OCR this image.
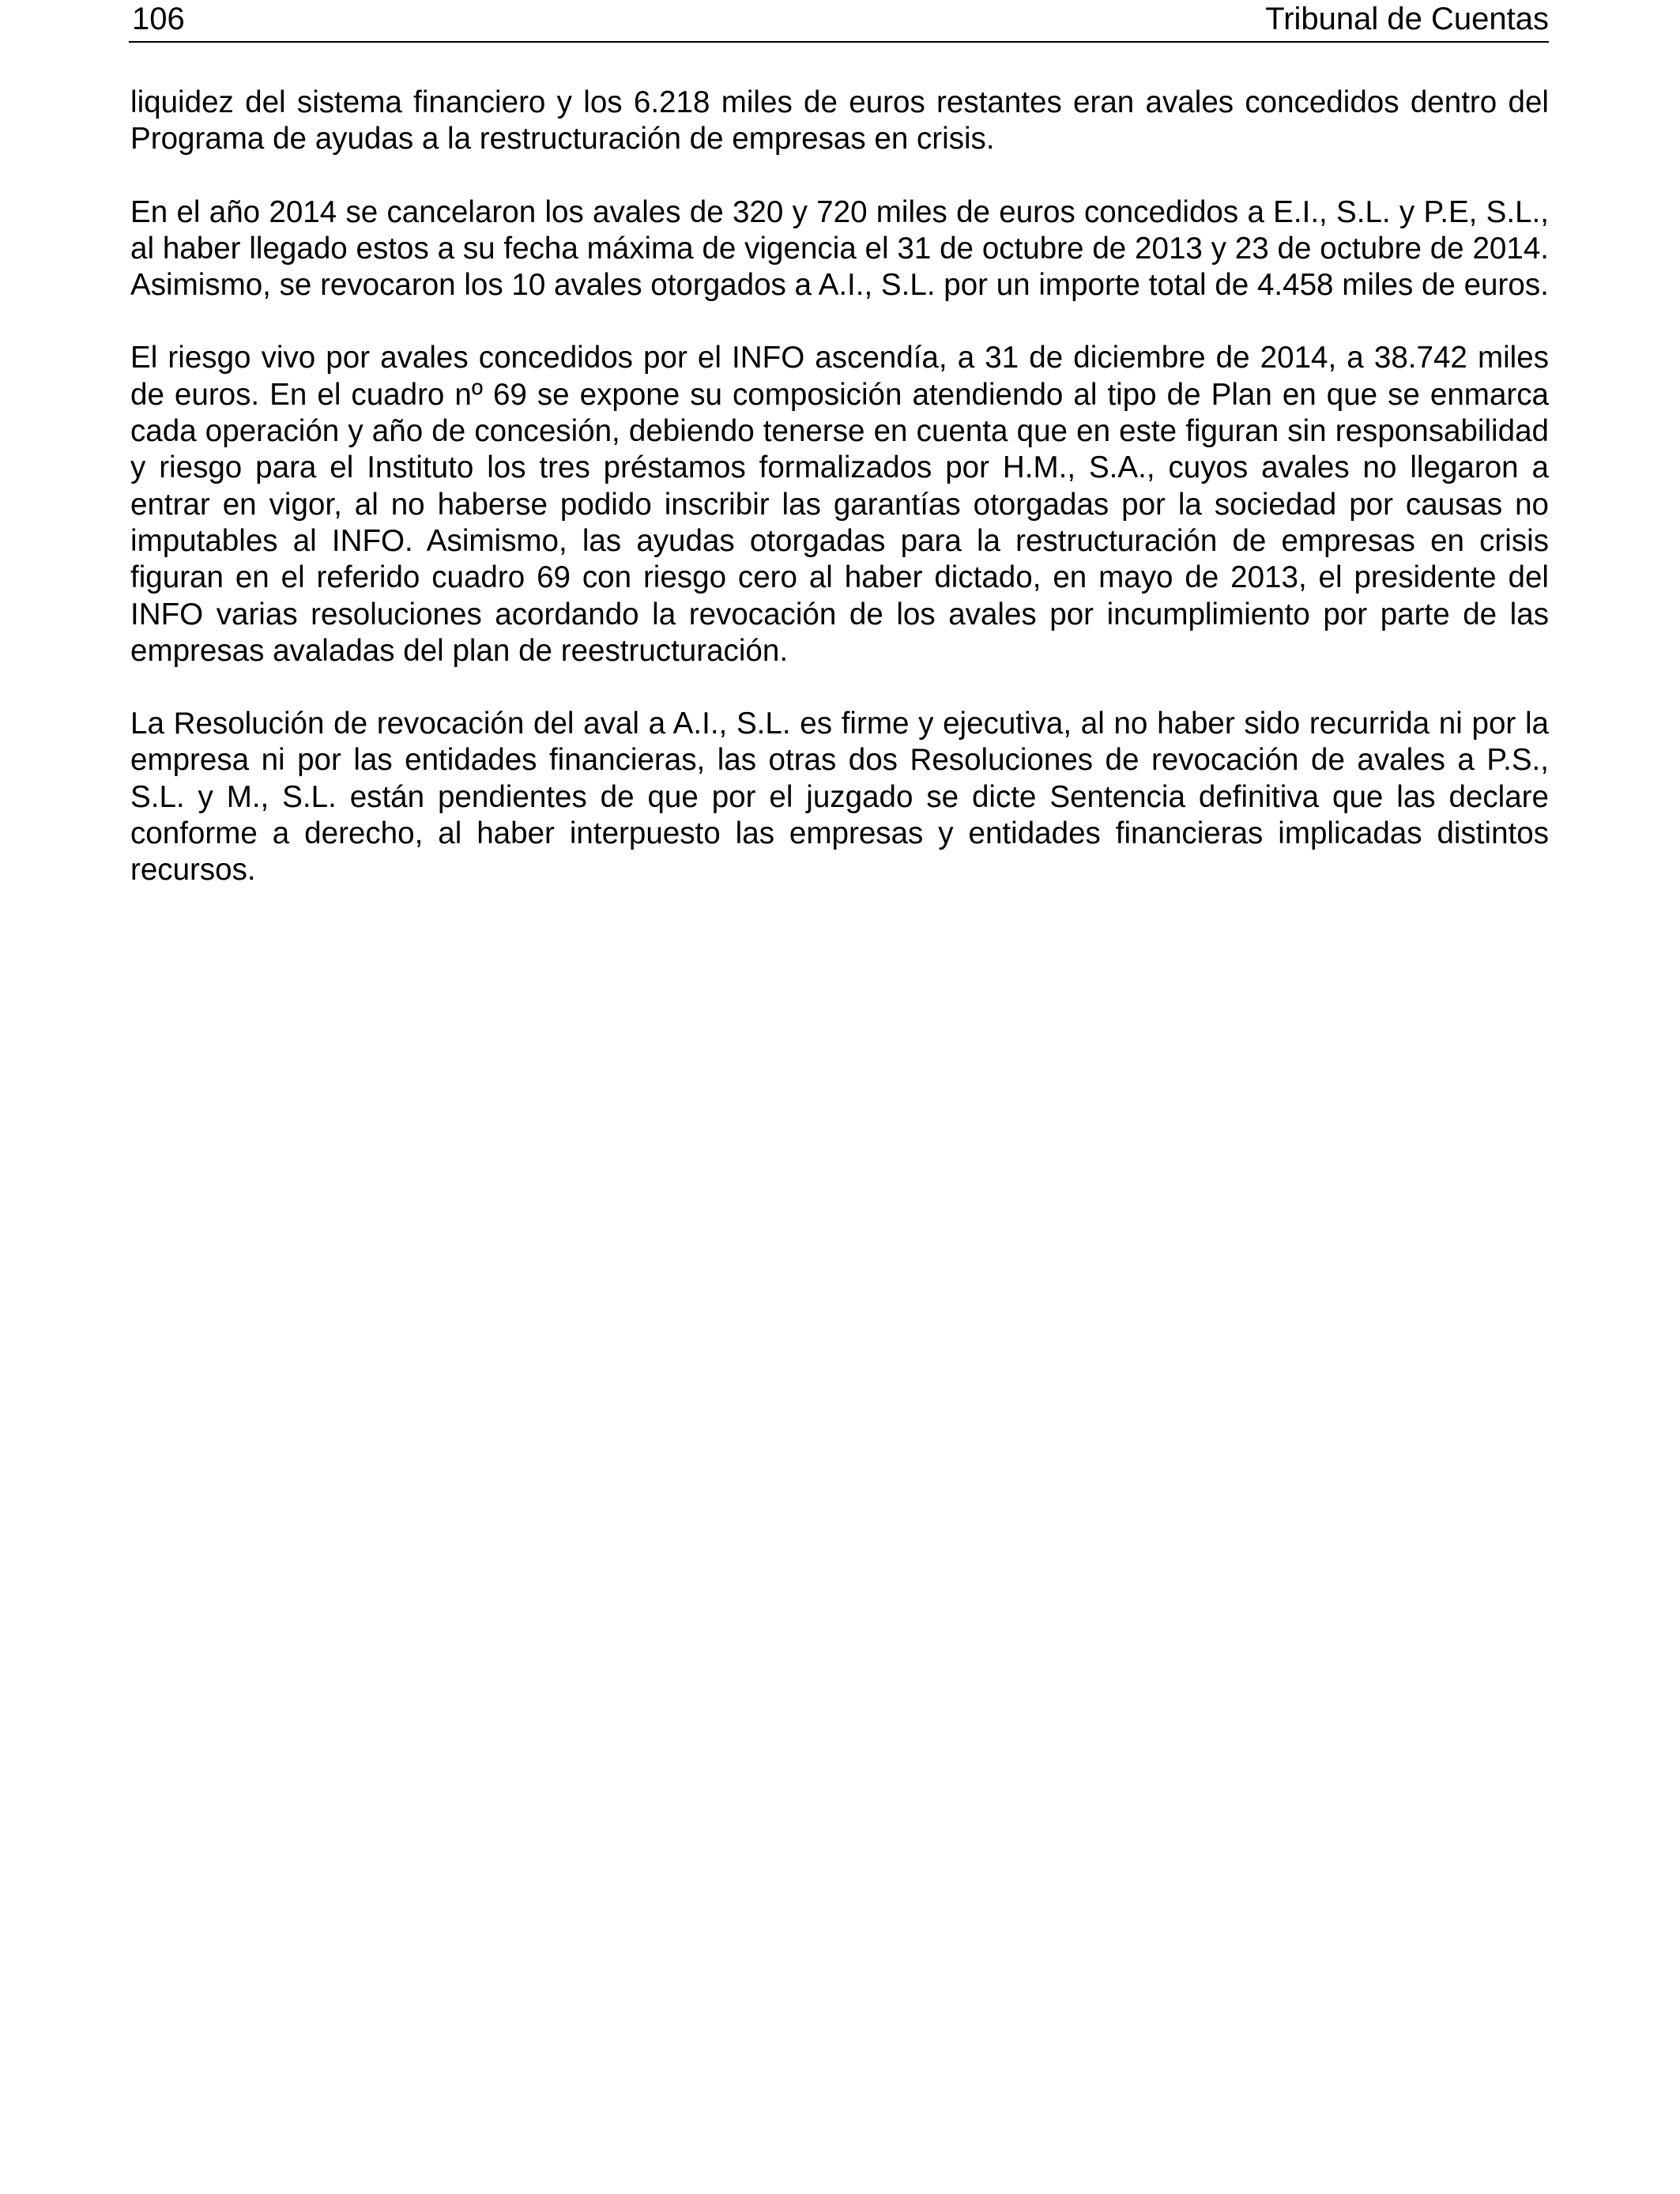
106	Tribunal de Cuentas

liquidez del sistema financiero y los 6.218 miles de euros restantes eran avales concedidos dentro del Programa de ayudas a la restructuración de empresas en crisis.

En el año 2014 se cancelaron los avales de 320 y 720 miles de euros concedidos a E.I., S.L. y P.E, S.L., al haber llegado estos a su fecha máxima de vigencia el 31 de octubre de 2013 y 23 de octubre de 2014. Asimismo, se revocaron los 10 avales otorgados a A.I., S.L. por un importe total de 4.458 miles de euros.

El riesgo vivo por avales concedidos por el INFO ascendía, a 31 de diciembre de 2014, a 38.742 miles de euros. En el cuadro nº 69 se expone su composición atendiendo al tipo de Plan en que se enmarca cada operación y año de concesión, debiendo tenerse en cuenta que en este figuran sin responsabilidad y riesgo para el Instituto los tres préstamos formalizados por H.M., S.A., cuyos avales no llegaron a entrar en vigor, al no haberse podido inscribir las garantías otorgadas por la sociedad por causas no imputables al INFO. Asimismo, las ayudas otorgadas para la restructuración de empresas en crisis figuran en el referido cuadro 69 con riesgo cero al haber dictado, en mayo de 2013, el presidente del INFO varias resoluciones acordando la revocación de los avales por incumplimiento por parte de las empresas avaladas del plan de reestructuración.

La Resolución de revocación del aval a A.I., S.L. es firme y ejecutiva, al no haber sido recurrida ni por la empresa ni por las entidades financieras, las otras dos Resoluciones de revocación de avales a P.S., S.L. y M., S.L. están pendientes de que por el juzgado se dicte Sentencia definitiva que las declare conforme a derecho, al haber interpuesto las empresas y entidades financieras implicadas distintos recursos.
